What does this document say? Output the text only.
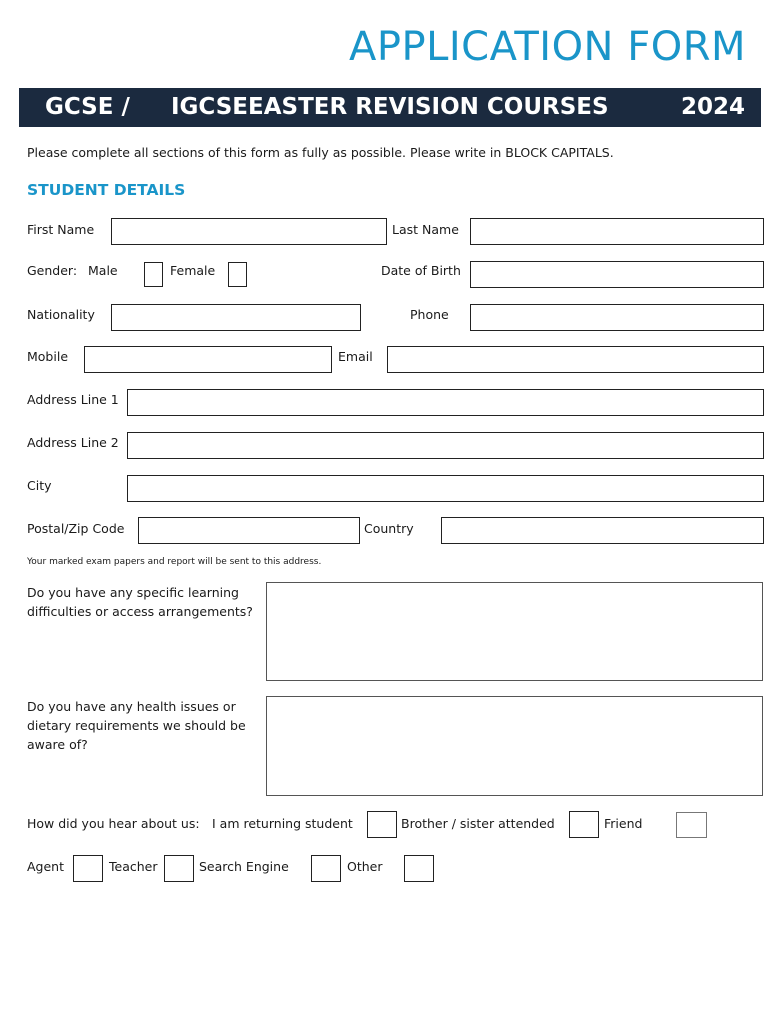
APPLICATION FORM
GCSE / IGCSEEASTER REVISION COURSES	2024
Please complete all sections of this form as fully as possible. Please write in BLOCK CAPITALS.
STUDENT DETAILS
First Name	Last Name
Gender: Male	Female	Date of Birth
Nationality	Phone
Mobile	Email
Address Line 1
Address Line 2
City
Postal/Zip Code	Country
Your marked exam papers and report will be sent to this address.
Do you have any specific learning
difficulties or access arrangements?
Do you have any health issues or
dietary requirements we should be
aware of?
How did you hear about us: I am returning student	Brother / sister attended	Friend
Agent	Teacher	Search Engine	Other
